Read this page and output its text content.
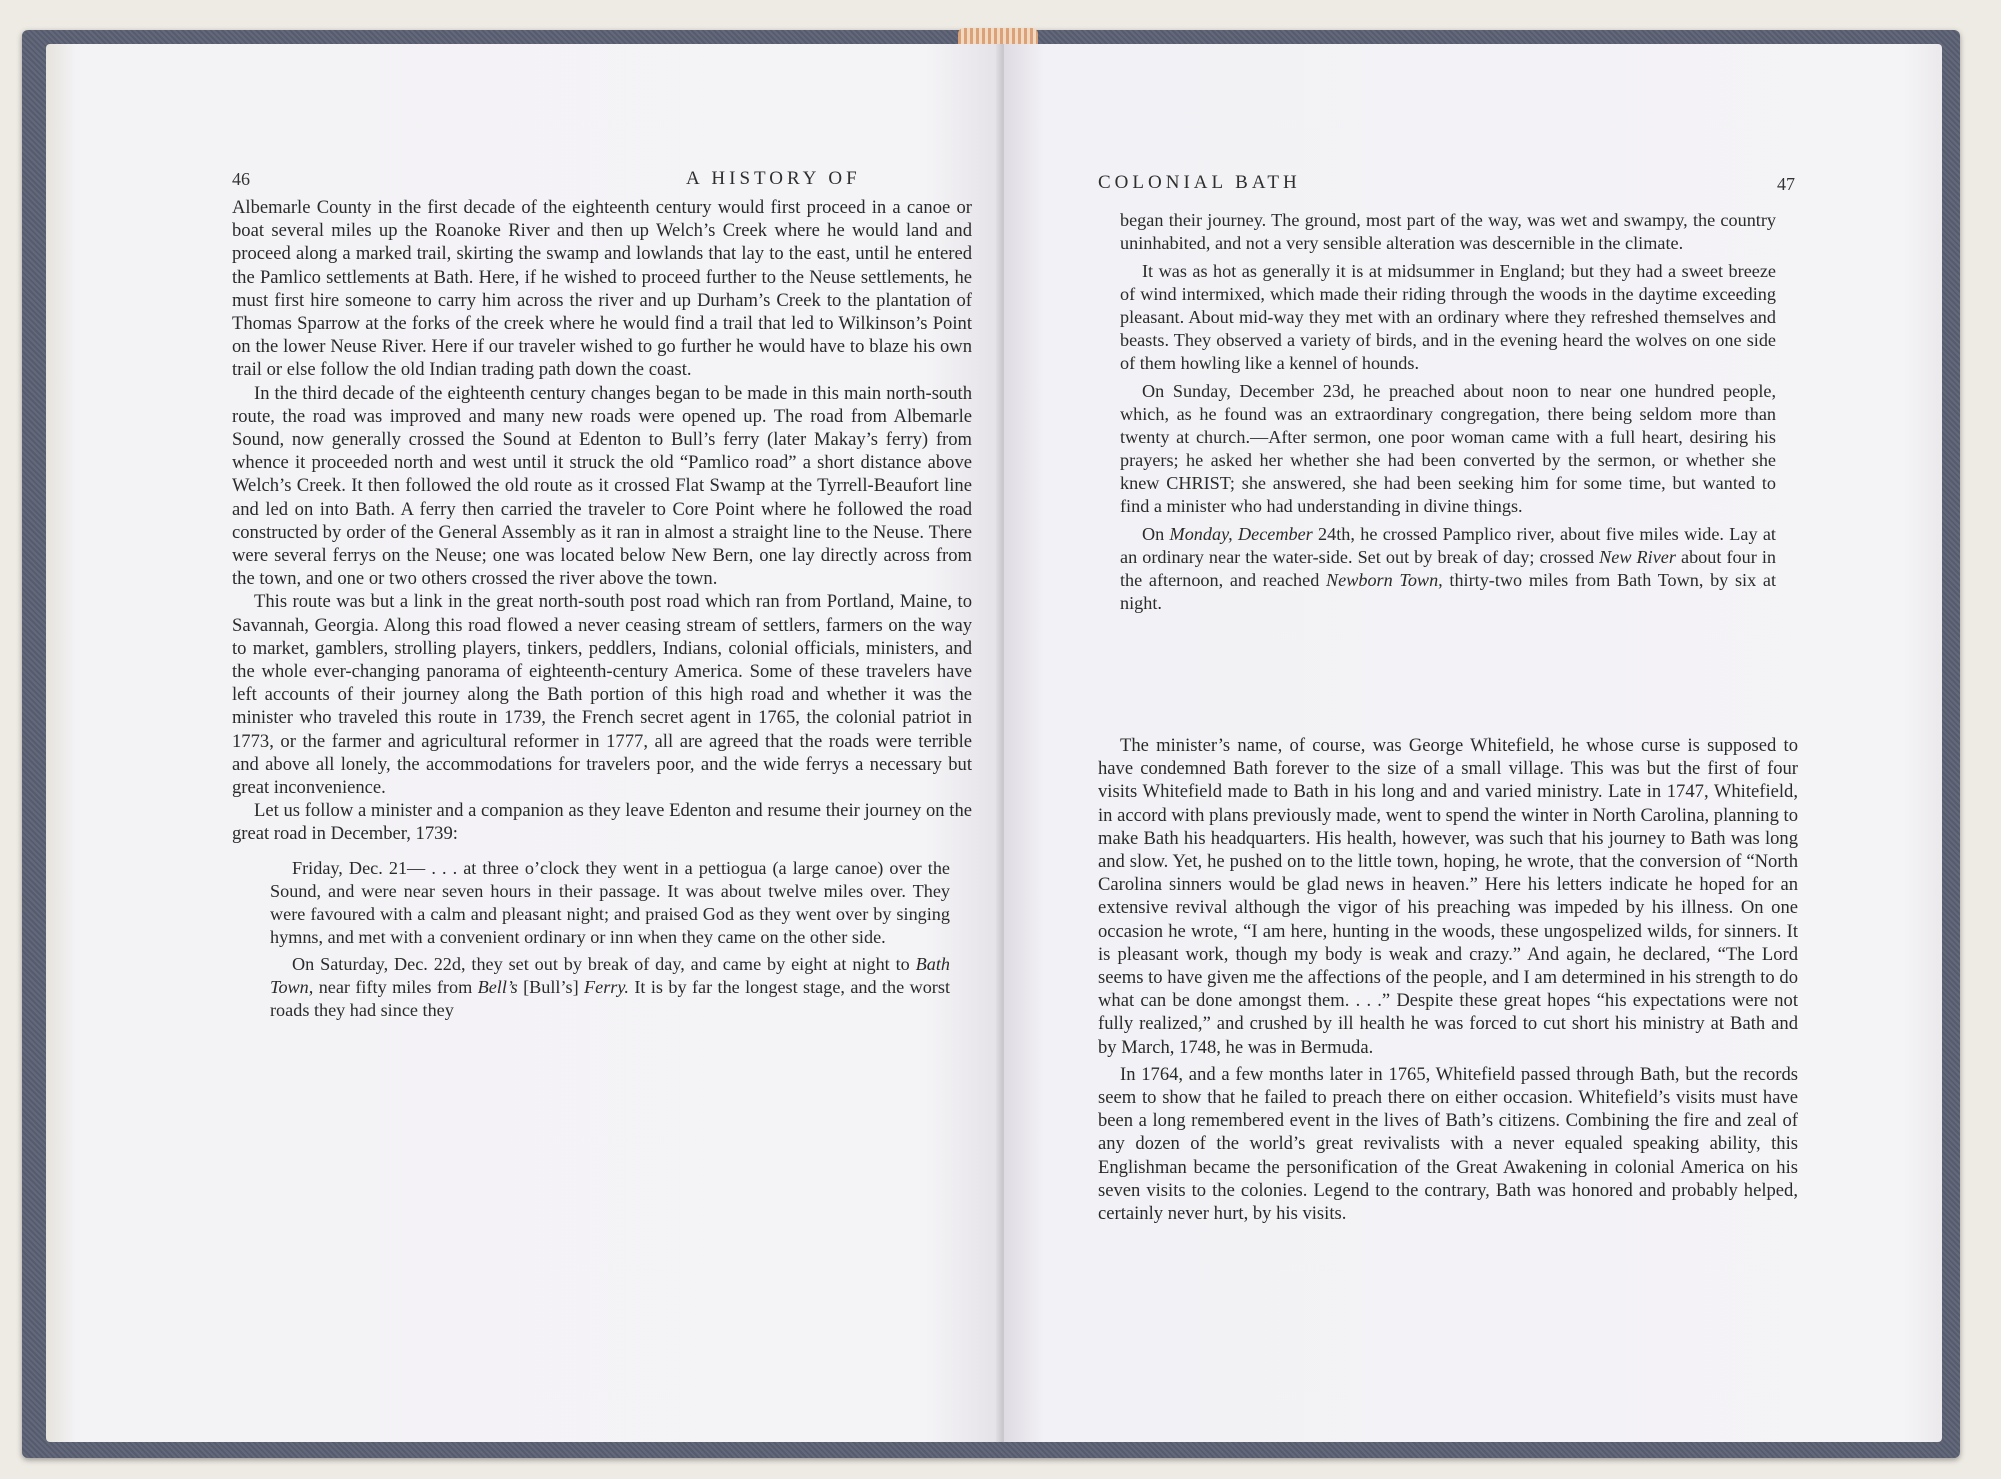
46	A HISTORY OF

Albemarle County in the first decade of the eighteenth century would first proceed in a canoe or boat several miles up the Roanoke River and then up Welch’s Creek where he would land and proceed along a marked trail, skirting the swamp and lowlands that lay to the east, until he entered the Pamlico settlements at Bath. Here, if he wished to proceed further to the Neuse settlements, he must first hire someone to carry him across the river and up Durham’s Creek to the plantation of Thomas Sparrow at the forks of the creek where he would find a trail that led to Wilkinson’s Point on the lower Neuse River. Here if our traveler wished to go further he would have to blaze his own trail or else follow the old Indian trading path down the coast.

In the third decade of the eighteenth century changes began to be made in this main north-south route, the road was improved and many new roads were opened up. The road from Albemarle Sound, now generally crossed the Sound at Edenton to Bull’s ferry (later Makay’s ferry) from whence it proceeded north and west until it struck the old “Pamlico road” a short distance above Welch’s Creek. It then followed the old route as it crossed Flat Swamp at the Tyrrell-Beaufort line and led on into Bath. A ferry then carried the traveler to Core Point where he followed the road constructed by order of the General Assembly as it ran in almost a straight line to the Neuse. There were several ferrys on the Neuse; one was located below New Bern, one lay directly across from the town, and one or two others crossed the river above the town.

This route was but a link in the great north-south post road which ran from Portland, Maine, to Savannah, Georgia. Along this road flowed a never ceasing stream of settlers, farmers on the way to market, gamblers, strolling players, tinkers, peddlers, Indians, colonial officials, ministers, and the whole ever-changing panorama of eighteenth-century America. Some of these travelers have left accounts of their journey along the Bath portion of this high road and whether it was the minister who traveled this route in 1739, the French secret agent in 1765, the colonial patriot in 1773, or the farmer and agricultural reformer in 1777, all are agreed that the roads were terrible and above all lonely, the accommodations for travelers poor, and the wide ferrys a necessary but great inconvenience.

Let us follow a minister and a companion as they leave Edenton and resume their journey on the great road in December, 1739:

Friday, Dec. 21— . . . at three o’clock they went in a pettiogua (a large canoe) over the Sound, and were near seven hours in their passage. It was about twelve miles over. They were favoured with a calm and pleasant night; and praised God as they went over by singing hymns, and met with a convenient ordinary or inn when they came on the other side.

On Saturday, Dec. 22d, they set out by break of day, and came by eight at night to Bath Town, near fifty miles from Bell’s [Bull’s] Ferry. It is by far the longest stage, and the worst roads they had since they

COLONIAL BATH	47

began their journey. The ground, most part of the way, was wet and swampy, the country uninhabited, and not a very sensible alteration was descernible in the climate.

It was as hot as generally it is at midsummer in England; but they had a sweet breeze of wind intermixed, which made their riding through the woods in the daytime exceeding pleasant. About mid-way they met with an ordinary where they refreshed themselves and beasts. They observed a variety of birds, and in the evening heard the wolves on one side of them howling like a kennel of hounds.

On Sunday, December 23d, he preached about noon to near one hundred people, which, as he found was an extraordinary congregation, there being seldom more than twenty at church.—After sermon, one poor woman came with a full heart, desiring his prayers; he asked her whether she had been converted by the sermon, or whether she knew CHRIST; she answered, she had been seeking him for some time, but wanted to find a minister who had understanding in divine things.

On Monday, December 24th, he crossed Pamplico river, about five miles wide. Lay at an ordinary near the water-side. Set out by break of day; crossed New River about four in the afternoon, and reached Newborn Town, thirty-two miles from Bath Town, by six at night.

The minister’s name, of course, was George Whitefield, he whose curse is supposed to have condemned Bath forever to the size of a small village. This was but the first of four visits Whitefield made to Bath in his long and and varied ministry. Late in 1747, Whitefield, in accord with plans previously made, went to spend the winter in North Carolina, planning to make Bath his headquarters. His health, however, was such that his journey to Bath was long and slow. Yet, he pushed on to the little town, hoping, he wrote, that the conversion of “North Carolina sinners would be glad news in heaven.” Here his letters indicate he hoped for an extensive revival although the vigor of his preaching was impeded by his illness. On one occasion he wrote, “I am here, hunting in the woods, these ungospelized wilds, for sinners. It is pleasant work, though my body is weak and crazy.” And again, he declared, “The Lord seems to have given me the affections of the people, and I am determined in his strength to do what can be done amongst them. . . .” Despite these great hopes “his expectations were not fully realized,” and crushed by ill health he was forced to cut short his ministry at Bath and by March, 1748, he was in Bermuda.

In 1764, and a few months later in 1765, Whitefield passed through Bath, but the records seem to show that he failed to preach there on either occasion. Whitefield’s visits must have been a long remembered event in the lives of Bath’s citizens. Combining the fire and zeal of any dozen of the world’s great revivalists with a never equaled speaking ability, this Englishman became the personification of the Great Awakening in colonial America on his seven visits to the colonies. Legend to the contrary, Bath was honored and probably helped, certainly never hurt, by his visits.
